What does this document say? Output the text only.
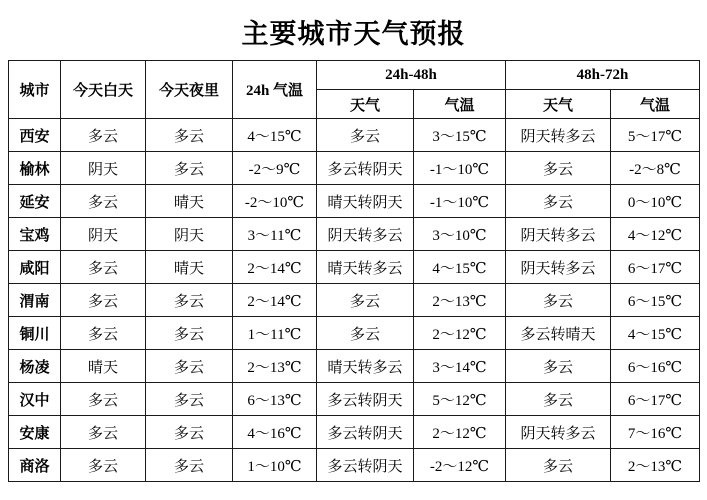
主要城市天气预报
城市	今天白天	今天夜里	24h 气温	24h-48h		48h-72h	
				天气	气温	天气	气温
西安	多云	多云	4～15℃	多云	3～15℃	阴天转多云	5～17℃
榆林	阴天	多云	-2～9℃	多云转阴天	-1～10℃	多云	-2～8℃
延安	多云	晴天	-2～10℃	晴天转阴天	-1～10℃	多云	0～10℃
宝鸡	阴天	阴天	3～11℃	阴天转多云	3～10℃	阴天转多云	4～12℃
咸阳	多云	晴天	2～14℃	晴天转多云	4～15℃	阴天转多云	6～17℃
渭南	多云	多云	2～14℃	多云	2～13℃	多云	6～15℃
铜川	多云	多云	1～11℃	多云	2～12℃	多云转晴天	4～15℃
杨凌	晴天	多云	2～13℃	晴天转多云	3～14℃	多云	6～16℃
汉中	多云	多云	6～13℃	多云转阴天	5～12℃	多云	6～17℃
安康	多云	多云	4～16℃	多云转阴天	2～12℃	阴天转多云	7～16℃
商洛	多云	多云	1～10℃	多云转阴天	-2～12℃	多云	2～13℃
